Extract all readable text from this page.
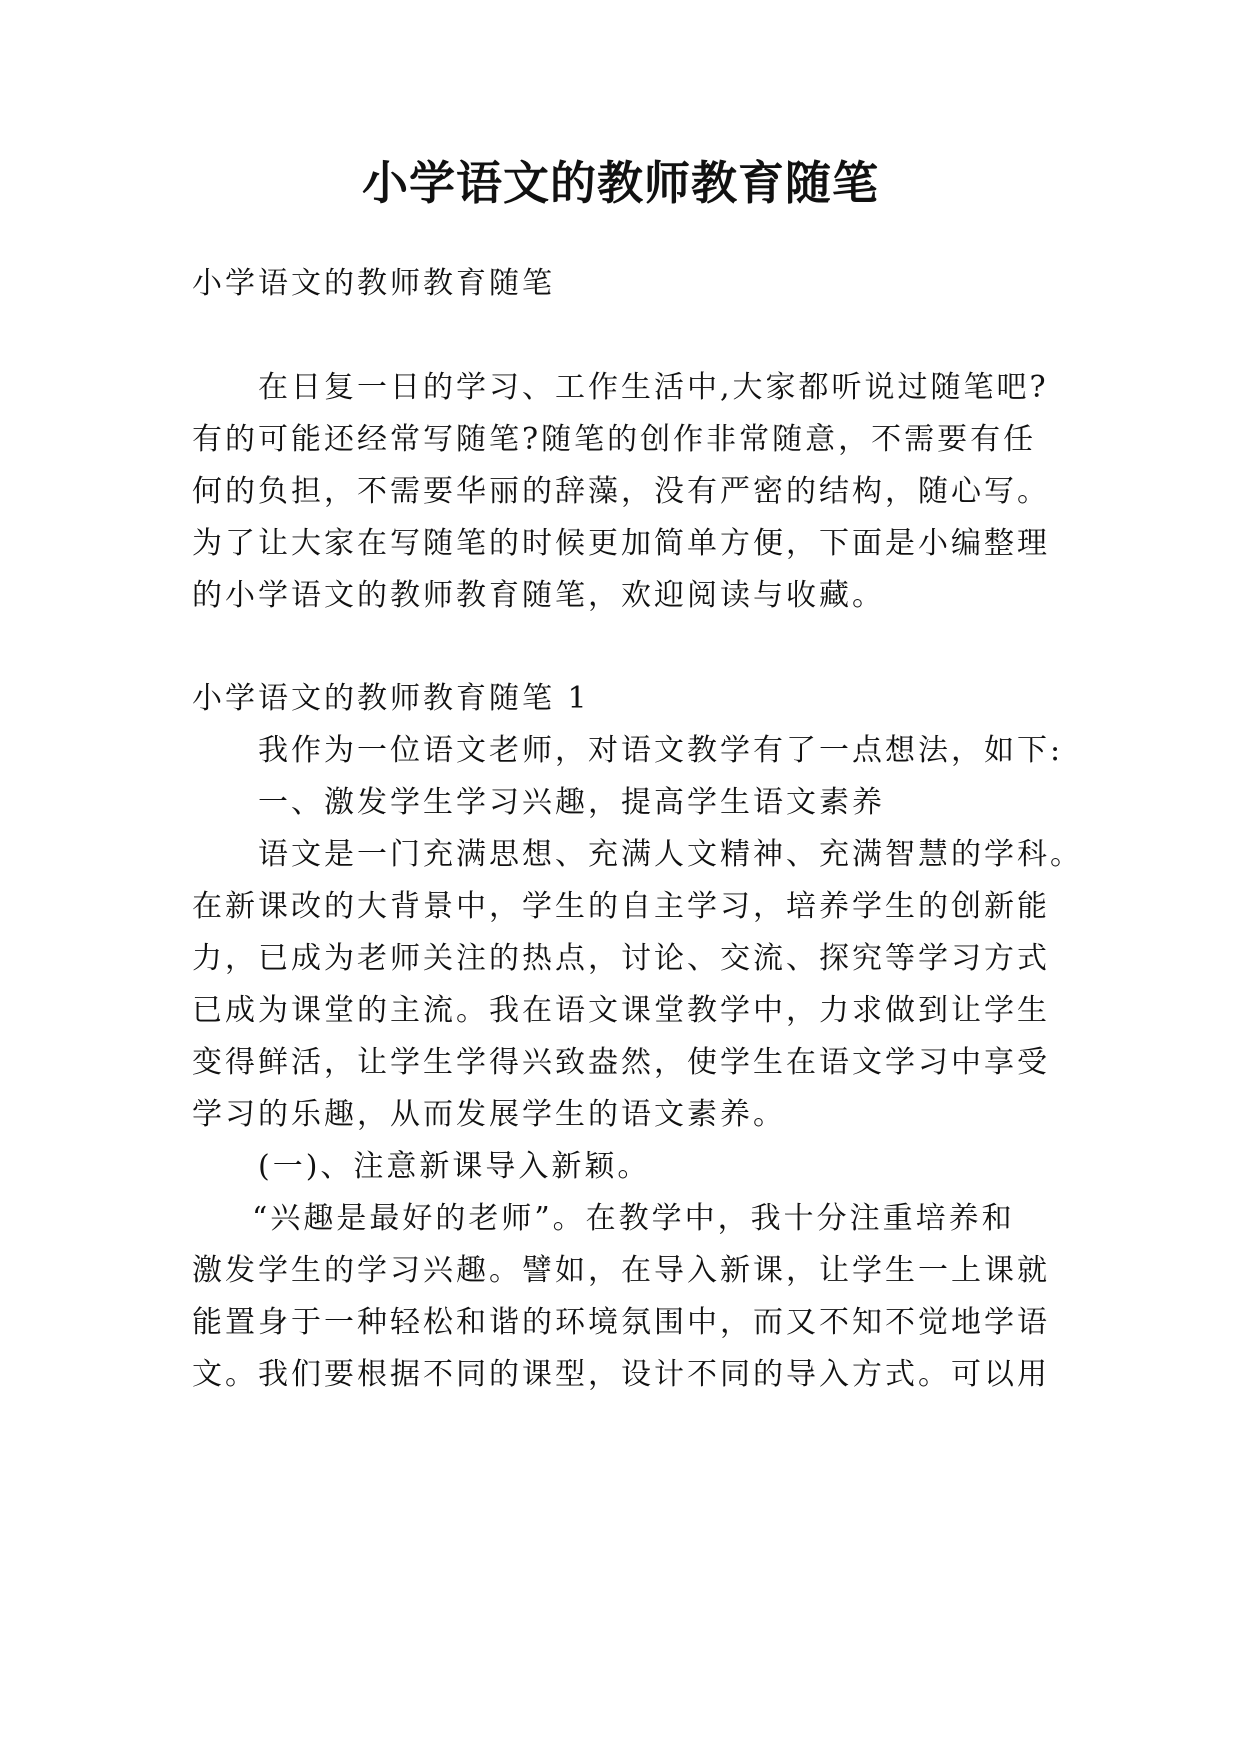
小学语文的教师教育随笔

小学语文的教师教育随笔

在日复一日的学习、工作生活中,大家都听说过随笔吧?

有的可能还经常写随笔?随笔的创作非常随意，不需要有任

何的负担，不需要华丽的辞藻，没有严密的结构，随心写。

为了让大家在写随笔的时候更加简单方便，下面是小编整理

的小学语文的教师教育随笔，欢迎阅读与收藏。

小学语文的教师教育随笔 1

我作为一位语文老师，对语文教学有了一点想法，如下:

一、激发学生学习兴趣，提高学生语文素养

语文是一门充满思想、充满人文精神、充满智慧的学科。

在新课改的大背景中，学生的自主学习，培养学生的创新能

力，已成为老师关注的热点，讨论、交流、探究等学习方式

已成为课堂的主流。我在语文课堂教学中，力求做到让学生

变得鲜活，让学生学得兴致盎然，使学生在语文学习中享受

学习的乐趣，从而发展学生的语文素养。

(一)、注意新课导入新颖。

“兴趣是最好的老师”。在教学中，我十分注重培养和

激发学生的学习兴趣。譬如，在导入新课，让学生一上课就

能置身于一种轻松和谐的环境氛围中，而又不知不觉地学语

文。我们要根据不同的课型，设计不同的导入方式。可以用
